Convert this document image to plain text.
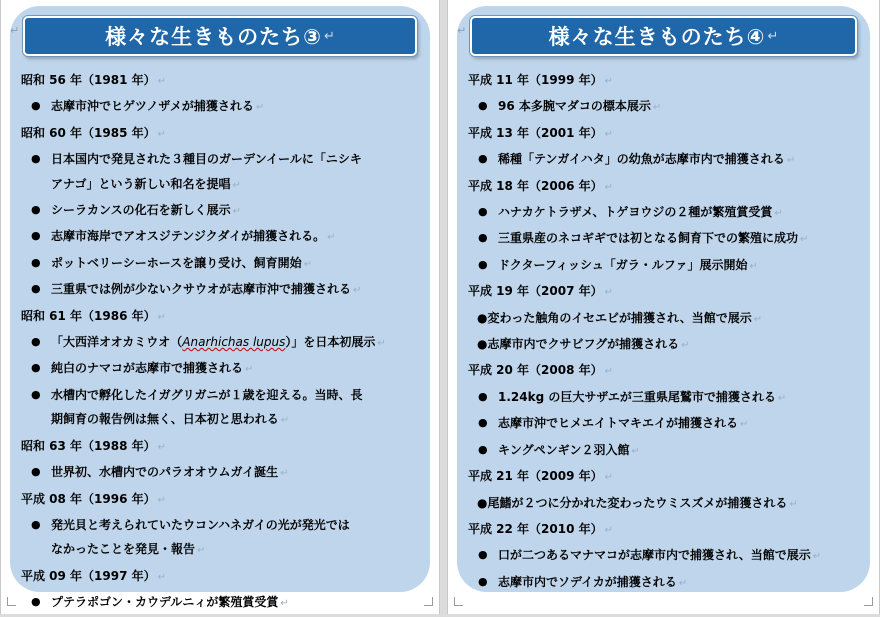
↵	様々な生きものたち③ ↵
昭和 56 年（1981 年） ↵
● 志摩市沖でヒゲツノザメが捕獲される ↵
昭和 60 年（1985 年） ↵
● 日本国内で発見された３種目のガーデンイールに「ニシキ
アナゴ」という新しい和名を提唱 ↵
● シーラカンスの化石を新しく展示 ↵
● 志摩市海岸でアオスジテンジクダイが捕獲される。 ↵
● ポットベリーシーホースを譲り受け、飼育開始 ↵
● 三重県では例が少ないクサウオが志摩市沖で捕獲される ↵
昭和 61 年（1986 年） ↵
● 「大西洋オオカミウオ（Anarhichas lupus）」を日本初展示 ↵
● 純白のナマコが志摩市で捕獲される ↵
● 水槽内で孵化したイガグリガニが１歳を迎える。当時、長
期飼育の報告例は無く、日本初と思われる ↵
昭和 63 年（1988 年） ↵
● 世界初、水槽内でのパラオオウムガイ誕生 ↵
平成 08 年（1996 年） ↵
● 発光貝と考えられていたウコンハネガイの光が発光では
なかったことを発見・報告 ↵
平成 09 年（1997 年） ↵
● プテラポゴン・カウデルニィが繁殖賞受賞 ↵
↵	様々な生きものたち④ ↵
平成 11 年（1999 年） ↵
● 96 本多腕マダコの標本展示 ↵
平成 13 年（2001 年） ↵
● 稀種「テンガイハタ」の幼魚が志摩市内で捕獲される ↵
平成 18 年（2006 年） ↵
● ハナカケトラザメ、トゲヨウジの２種が繁殖賞受賞 ↵
● 三重県産のネコギギでは初となる飼育下での繁殖に成功 ↵
● ドクターフィッシュ「ガラ・ルファ」展示開始 ↵
平成 19 年（2007 年） ↵
●変わった触角のイセエビが捕獲され、当館で展示 ↵
●志摩市内でクサビフグが捕獲される ↵
平成 20 年（2008 年） ↵
● 1.24kg の巨大サザエが三重県尾鷲市で捕獲される ↵
● 志摩市沖でヒメエイトマキエイが捕獲される ↵
● キングペンギン２羽入館 ↵
平成 21 年（2009 年） ↵
●尾鰭が２つに分かれた変わったウミスズメが捕獲される ↵
平成 22 年（2010 年） ↵
● 口が二つあるマナマコが志摩市内で捕獲され、当館で展示 ↵
● 志摩市内でソデイカが捕獲される ↵
